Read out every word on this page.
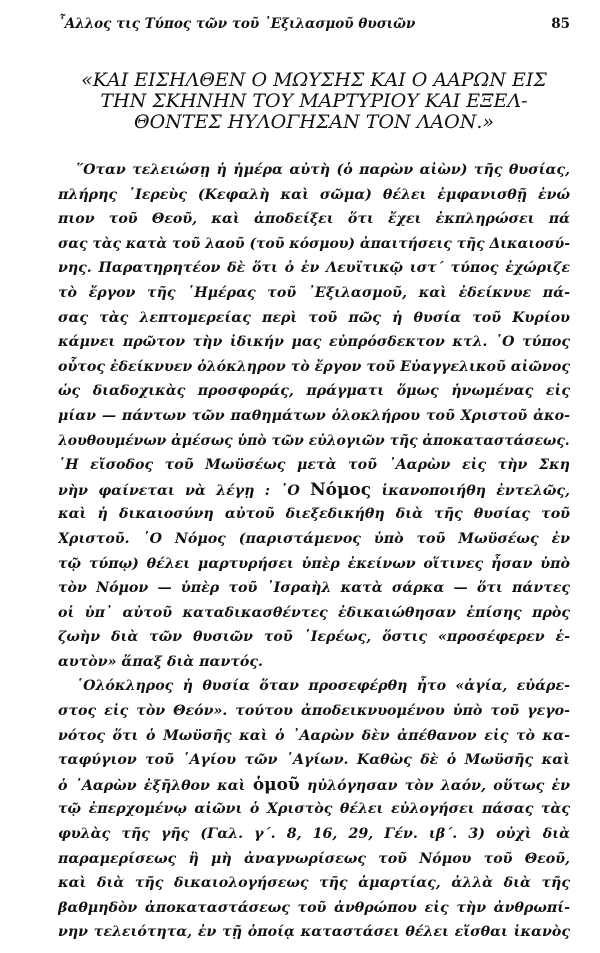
῏Αλλος τις Τύπος τῶν τοῦ ᾿Εξιλασμοῦ θυσιῶν	85
«ΚΑΙ ΕΙΣΗΛΘΕΝ Ο ΜΩΥΣΗΣ ΚΑΙ Ο ΑΑΡΩΝ ΕΙΣ
ΤΗΝ ΣΚΗΝΗΝ ΤΟΥ ΜΑΡΤΥΡΙΟΥ ΚΑΙ ΕΞΕΛ-
ΘΟΝΤΕΣ ΗΥΛΟΓΗΣΑΝ ΤΟΝ ΛΑΟΝ.»
῞Οταν τελειώσῃ ἡ ἡμέρα αὐτὴ (ὁ παρὼν αἰὼν) τῆς θυσίας,
πλήρης ῾Ιερεὺς (Κεφαλὴ καὶ σῶμα) θέλει ἐμφανισθῇ ἐνώ
πιον τοῦ Θεοῦ, καὶ ἀποδείξει ὅτι ἔχει ἐκπληρώσει πά
σας τὰς κατὰ τοῦ λαοῦ (τοῦ κόσμου) ἀπαιτήσεις τῆς Δικαιοσύ-
νης. Παρατηρητέον δὲ ὅτι ὁ ἐν Λευϊτικῷ ιστ΄ τύπος ἐχώριζε
τὸ ἔργον τῆς ῾Ημέρας τοῦ ᾿Εξιλασμοῦ, καὶ ἐδείκνυε πά-
σας τὰς λεπτομερείας περὶ τοῦ πῶς ἡ θυσία τοῦ Κυρίου
κάμνει πρῶτον τὴν ἰδικήν μας εὐπρόσδεκτον κτλ. ῾Ο τύπος
οὗτος ἐδείκνυεν ὁλόκληρον τὸ ἔργον τοῦ Εὐαγγελικοῦ αἰῶνος
ὡς διαδοχικὰς προσφοράς, πράγματι ὅμως ἡνωμένας εἰς
μίαν — πάντων τῶν παθημάτων ὁλοκλήρου τοῦ Χριστοῦ ἀκο-
λουθουμένων ἀμέσως ὑπὸ τῶν εὐλογιῶν τῆς ἀποκαταστάσεως.
῾Η εἴσοδος τοῦ Μωϋσέως μετὰ τοῦ ᾿Ααρὼν εἰς τὴν Σκη
νὴν φαίνεται νὰ λέγῃ : ᾿Ο Νόμος ἱκανοποιήθη ἐντελῶς,
καὶ ἡ δικαιοσύνη αὐτοῦ διεξεδικήθη διὰ τῆς θυσίας τοῦ
Χριστοῦ. ῾Ο Νόμος (παριστάμενος ὑπὸ τοῦ Μωϋσέως ἐν
τῷ τύπῳ) θέλει μαρτυρήσει ὑπὲρ ἐκείνων οἵτινες ἦσαν ὑπὸ
τὸν Νόμον — ὑπὲρ τοῦ ᾿Ισραὴλ κατὰ σάρκα — ὅτι πάντες
οἱ ὑπ᾿ αὐτοῦ καταδικασθέντες ἐδικαιώθησαν ἐπίσης πρὸς
ζωὴν διὰ τῶν θυσιῶν τοῦ ῾Ιερέως, ὅστις «προσέφερεν ἑ-
αυτὸν» ἅπαξ διὰ παντός.
῾Ολόκληρος ἡ θυσία ὅταν προσεφέρθη ἦτο «ἁγία, εὐάρε-
στος εἰς τὸν Θεόν». τούτου ἀποδεικνυομένου ὑπὸ τοῦ γεγο-
νότος ὅτι ὁ Μωϋσῆς καὶ ὁ ᾿Ααρὼν δὲν ἀπέθανον εἰς τὸ κα-
ταφύγιον τοῦ ῾Αγίου τῶν ῾Αγίων. Καθὼς δὲ ὁ Μωϋσῆς καὶ
ὁ ᾿Ααρὼν ἐξῆλθον καὶ ὁμοῦ ηὐλόγησαν τὸν λαόν, οὕτως ἐν
τῷ ἐπερχομένῳ αἰῶνι ὁ Χριστὸς θέλει εὐλογήσει πάσας τὰς
φυλὰς τῆς γῆς (Γαλ. γ΄. 8, 16, 29, Γέν. ιβ΄. 3) οὐχὶ διὰ
παραμερίσεως ἢ μὴ ἀναγνωρίσεως τοῦ Νόμου τοῦ Θεοῦ,
καὶ διὰ τῆς δικαιολογήσεως τῆς ἁμαρτίας, ἀλλὰ διὰ τῆς
βαθμηδὸν ἀποκαταστάσεως τοῦ ἀνθρώπου εἰς τὴν ἀνθρωπί-
νην τελειότητα, ἐν τῇ ὁποίᾳ καταστάσει θέλει εἴσθαι ἱκανὸς
